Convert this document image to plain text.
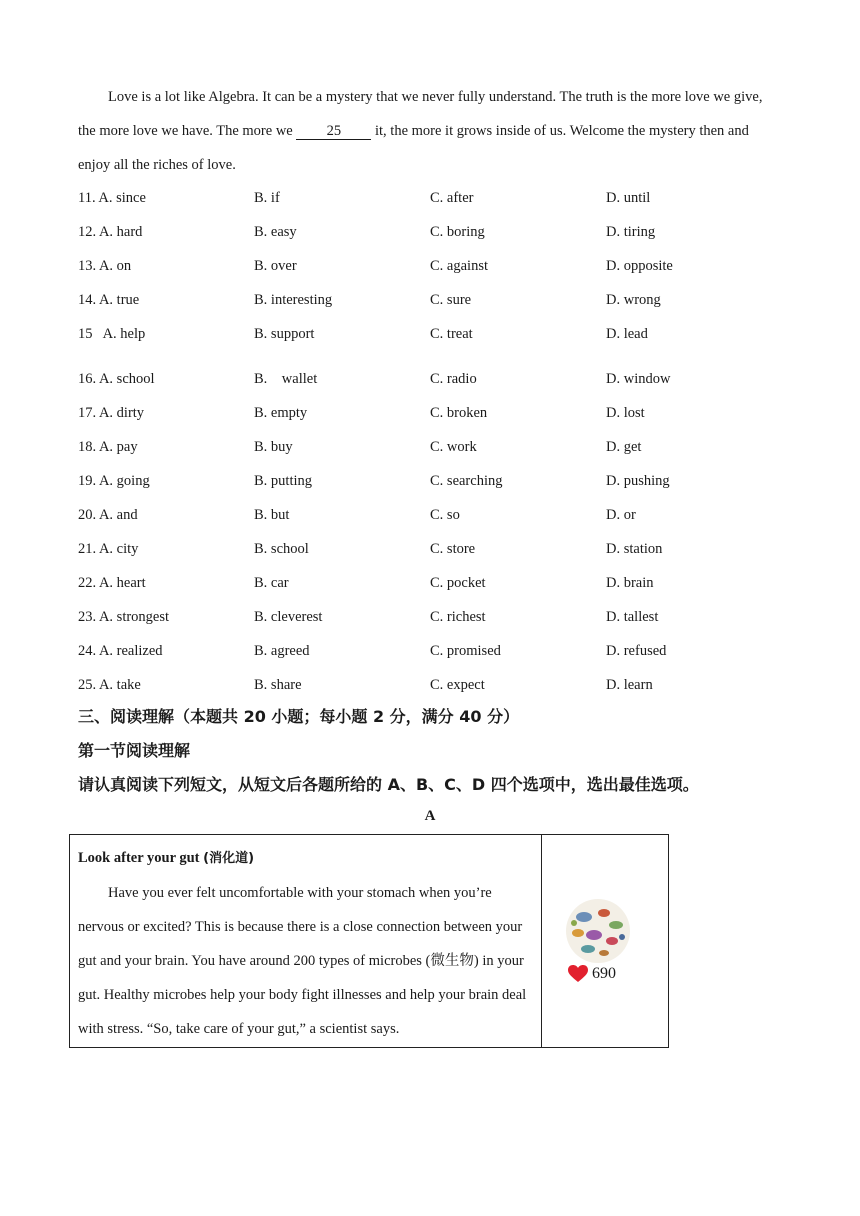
Love is a lot like Algebra. It can be a mystery that we never fully understand. The truth is the more love we give, the more love we have. The more we 25 it, the more it grows inside of us. Welcome the mystery then and enjoy all the riches of love.
11. A. since	B. if	C. after	D. until
12. A. hard	B. easy	C. boring	D. tiring
13. A. on	B. over	C. against	D. opposite
14. A. true	B. interesting	C. sure	D. wrong
15   A. help	B. support	C. treat	D. lead
16. A. school	B.    wallet	C. radio	D. window
17. A. dirty	B. empty	C. broken	D. lost
18. A. pay	B. buy	C. work	D. get
19. A. going	B. putting	C. searching	D. pushing
20. A. and	B. but	C. so	D. or
21. A. city	B. school	C. store	D. station
22. A. heart	B. car	C. pocket	D. brain
23. A. strongest	B. cleverest	C. richest	D. tallest
24. A. realized	B. agreed	C. promised	D. refused
25. A. take	B. share	C. expect	D. learn
三、阅读理解（本题共 20 小题；每小题 2 分，满分 40 分）
第一节阅读理解
请认真阅读下列短文，从短文后各题所给的 A、B、C、D 四个选项中，选出最佳选项。
A
Look after your gut (消化道)
Have you ever felt uncomfortable with your stomach when you’re nervous or excited? This is because there is a close connection between your gut and your brain. You have around 200 types of microbes (微生物) in your gut. Healthy microbes help your body fight illnesses and help your brain deal with stress. “So, take care of your gut,” a scientist says.
690
